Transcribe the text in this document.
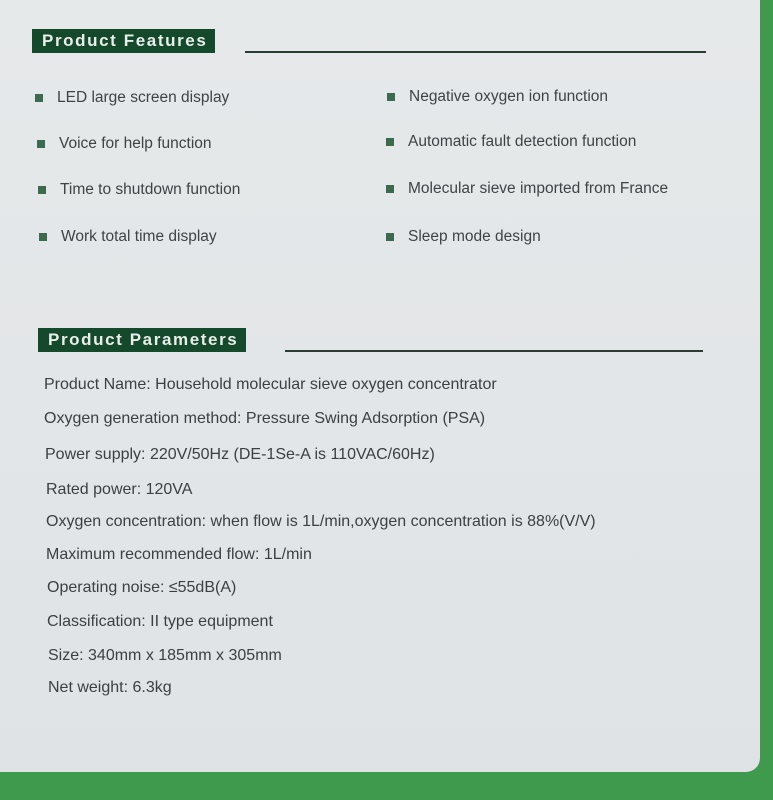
Product Features
LED large screen display
Voice for help function
Time to shutdown function
Work total time display
Negative oxygen ion function
Automatic fault detection function
Molecular sieve imported from France
Sleep mode design
Product Parameters
Product Name: Household molecular sieve oxygen concentrator
Oxygen generation method: Pressure Swing Adsorption (PSA)
Power supply: 220V/50Hz (DE-1Se-A is 110VAC/60Hz)
Rated power: 120VA
Oxygen concentration: when flow is 1L/min,oxygen concentration is 88%(V/V)
Maximum recommended flow: 1L/min
Operating noise: ≤55dB(A)
Classification: II type equipment
Size: 340mm x 185mm x 305mm
Net weight: 6.3kg
